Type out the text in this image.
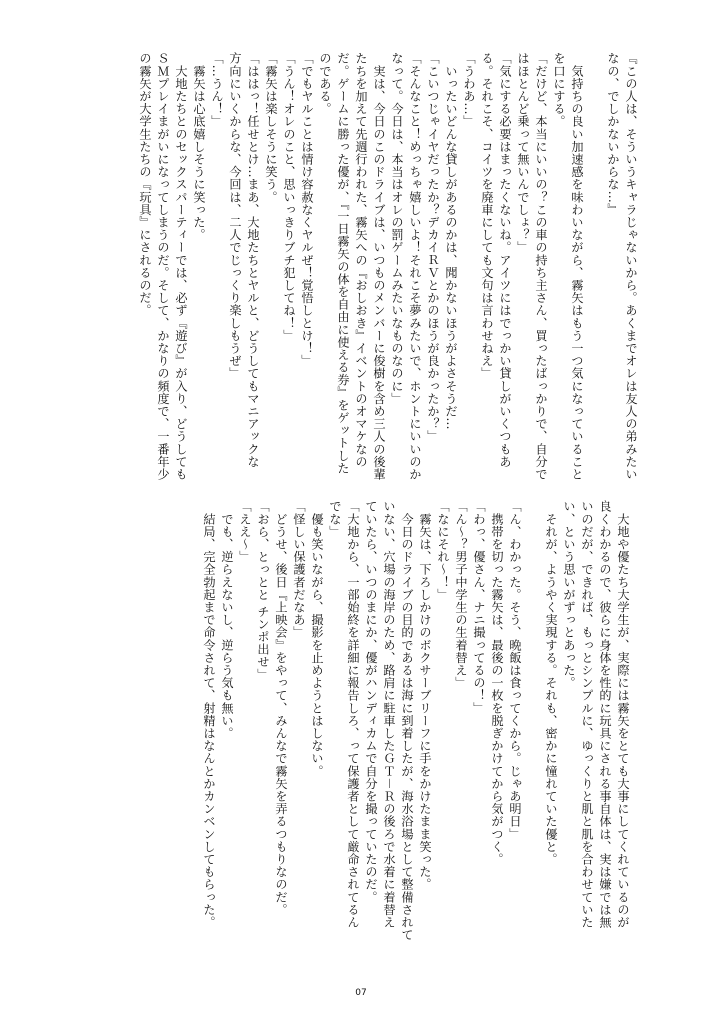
『この人は、そういうキャラじゃないから。あくまでオレは友人の弟みたい
なの、でしかないからな…』

　気持ちの良い加速感を味わいながら、霧矢はもう一つ気になっていること
を口にする。
「だけど、本当にいいの？この車の持ち主さん、買ったばっかりで、自分で
はほとんど乗って無いんでしょ？」
「気にする必要はまったくないね。アイツにはでっかい貸しがいくつもあ
る。それこそ、コイツを廃車にしても文句は言わせねえ」
「うわあ…」
　いったいどんな貸しがあるのかは、聞かないほうがよさそうだ…
「こいつじゃイヤだったか？デカイＲＶとかのほうが良かったか？」
「そんなこと！めっちゃ嬉しいよ！それこそ夢みたいで、ホントにいいのか
なって。今日は、本当はオレの罰ゲームみたいなものなのに」
　実は、今日のこのドライブは、いつものメンバーに俊樹を含め三人の後輩
たちを加えて先週行われた、霧矢への『おしおき』イベントのオマケなの
だ。ゲームに勝った優が、『一日霧矢の体を自由に使える券』をゲットした
のである。
「でもヤルことは情け容赦なくヤルぜ！覚悟しとけ！」
「うん！オレのこと、思いっきりブチ犯してね！」
「霧矢は楽しそうに笑う。
「ははっ！任せとけ…まあ、大地たちとヤルと、どうしてもマニアックな
方向にいくからな、今回は、二人でじっくり楽しもうぜ」
「…うん！」
　霧矢は心底嬉しそうに笑った。
　大地たちとのセックスパーティーでは、必ず『遊び』が入り、どうしても
ＳＭプレイまがいになってしまうのだ。そして、かなりの頻度で、一番年少
の霧矢が大学生たちの『玩具』にされるのだ。
　大地や優たち大学生が、実際には霧矢をとても大事にしてくれているのが
良くわかるので、彼らに身体を性的に玩具にされる事自体は、実は嫌では無
いのだが、できれば、もっとシンプルに、ゆっくりと肌と肌を合わせていた
い、という思いがずっとあった。
　それが、ようやく実現する。それも、密かに憧れていた優と。

「ん、わかった。そう、晩飯は食ってくから。じゃあ明日」
　携帯を切った霧矢は、最後の一枚を脱ぎかけてから気がつく。
「わっ、優さん、ナニ撮ってるの！」
「ん～？男子中学生の生着替え」
「なにそれ～！」
　霧矢は、下ろしかけのボクサーブリーフに手をかけたまま笑った。
　今日のドライブの目的であるは海に到着したが、海水浴場として整備されて
いない、穴場の海岸のため、路肩に駐車したＧＴ－Ｒの後ろで水着に着替え
ていたら、いつのまにか、優がハンディカムで自分を撮っていたのだ。
「大地から、一部始終を詳細に報告しろ、って保護者として厳命されてるん
でな」
　優も笑いながら、撮影を止めようとはしない。
「怪しい保護者だなあ」
　どうせ、後日『上映会』をやって、みんなで霧矢を弄るつもりなのだ。
「おら、とっとと チンポ出せ」
「ええ～」
　でも、逆らえないし、逆らう気も無い。
　結局、完全勃起まで命令されて、射精はなんとかカンベンしてもらった。
07
